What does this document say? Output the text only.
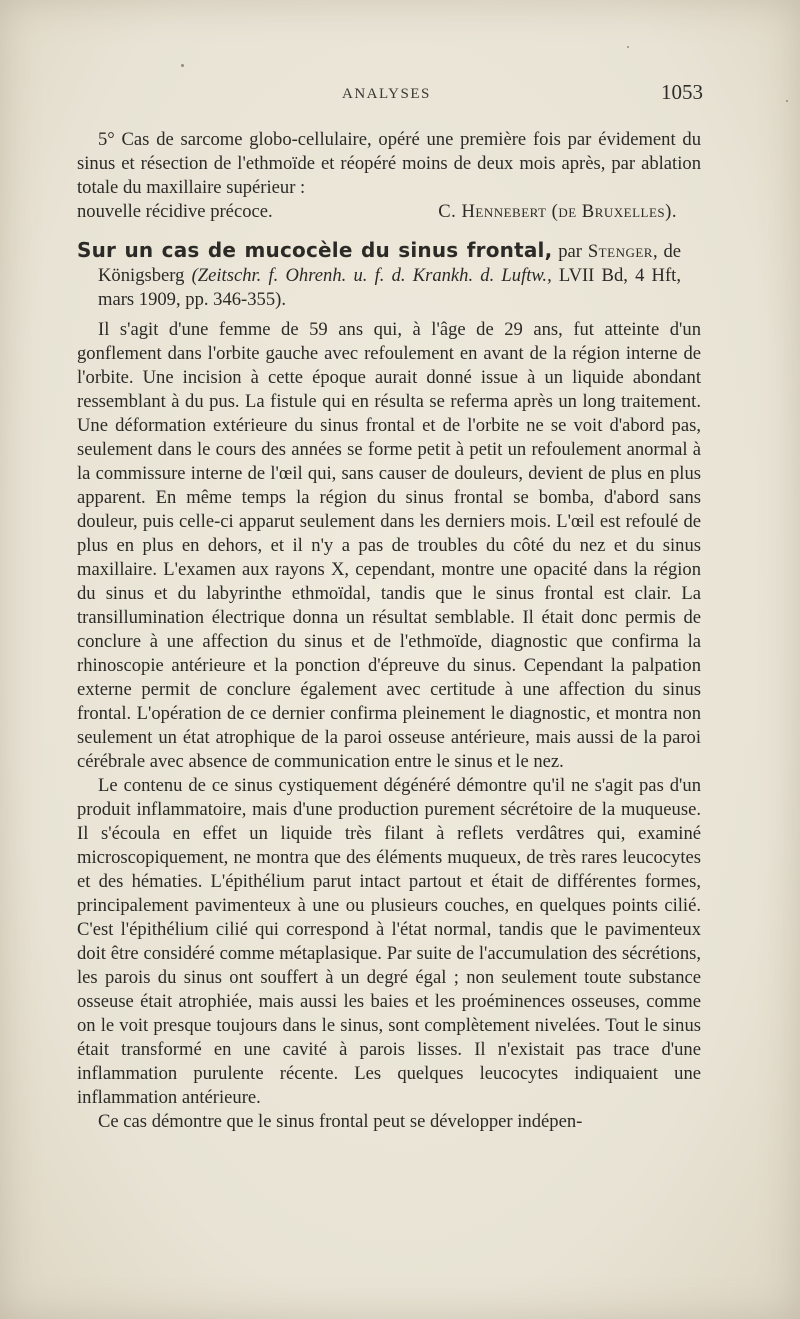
ANALYSES	1053

5° Cas de sarcome globo-cellulaire, opéré une première fois par évidement du sinus et résection de l'ethmoïde et réopéré moins de deux mois après, par ablation totale du maxillaire supérieur :

nouvelle récidive précoce.	C. Hennebert (de Bruxelles).

Sur un cas de mucocèle du sinus frontal, par Stenger, de Königsberg (Zeitschr. f. Ohrenh. u. f. d. Krankh. d. Luftw., LVII Bd, 4 Hft, mars 1909, pp. 346-355).

Il s'agit d'une femme de 59 ans qui, à l'âge de 29 ans, fut atteinte d'un gonflement dans l'orbite gauche avec refoulement en avant de la région interne de l'orbite. Une incision à cette époque aurait donné issue à un liquide abondant ressemblant à du pus. La fistule qui en résulta se referma après un long traitement. Une déformation extérieure du sinus frontal et de l'orbite ne se voit d'abord pas, seulement dans le cours des années se forme petit à petit un refoulement anormal à la commissure interne de l'œil qui, sans causer de douleurs, devient de plus en plus apparent. En même temps la région du sinus frontal se bomba, d'abord sans douleur, puis celle-ci apparut seulement dans les derniers mois. L'œil est refoulé de plus en plus en dehors, et il n'y a pas de troubles du côté du nez et du sinus maxillaire. L'examen aux rayons X, cependant, montre une opacité dans la région du sinus et du labyrinthe ethmoïdal, tandis que le sinus frontal est clair. La transillumination électrique donna un résultat semblable. Il était donc permis de conclure à une affection du sinus et de l'ethmoïde, diagnostic que confirma la rhinoscopie antérieure et la ponction d'épreuve du sinus. Cependant la palpation externe permit de conclure également avec certitude à une affection du sinus frontal. L'opération de ce dernier confirma pleinement le diagnostic, et montra non seulement un état atrophique de la paroi osseuse antérieure, mais aussi de la paroi cérébrale avec absence de communication entre le sinus et le nez.

Le contenu de ce sinus cystiquement dégénéré démontre qu'il ne s'agit pas d'un produit inflammatoire, mais d'une production purement sécrétoire de la muqueuse. Il s'écoula en effet un liquide très filant à reflets verdâtres qui, examiné microscopiquement, ne montra que des éléments muqueux, de très rares leucocytes et des hématies. L'épithélium parut intact partout et était de différentes formes, principalement pavimenteux à une ou plusieurs couches, en quelques points cilié. C'est l'épithélium cilié qui correspond à l'état normal, tandis que le pavimenteux doit être considéré comme métaplasique. Par suite de l'accumulation des sécrétions, les parois du sinus ont souffert à un degré égal ; non seulement toute substance osseuse était atrophiée, mais aussi les baies et les proéminences osseuses, comme on le voit presque toujours dans le sinus, sont complètement nivelées. Tout le sinus était transformé en une cavité à parois lisses. Il n'existait pas trace d'une inflammation purulente récente. Les quelques leucocytes indiquaient une inflammation antérieure.

Ce cas démontre que le sinus frontal peut se développer indépen-
